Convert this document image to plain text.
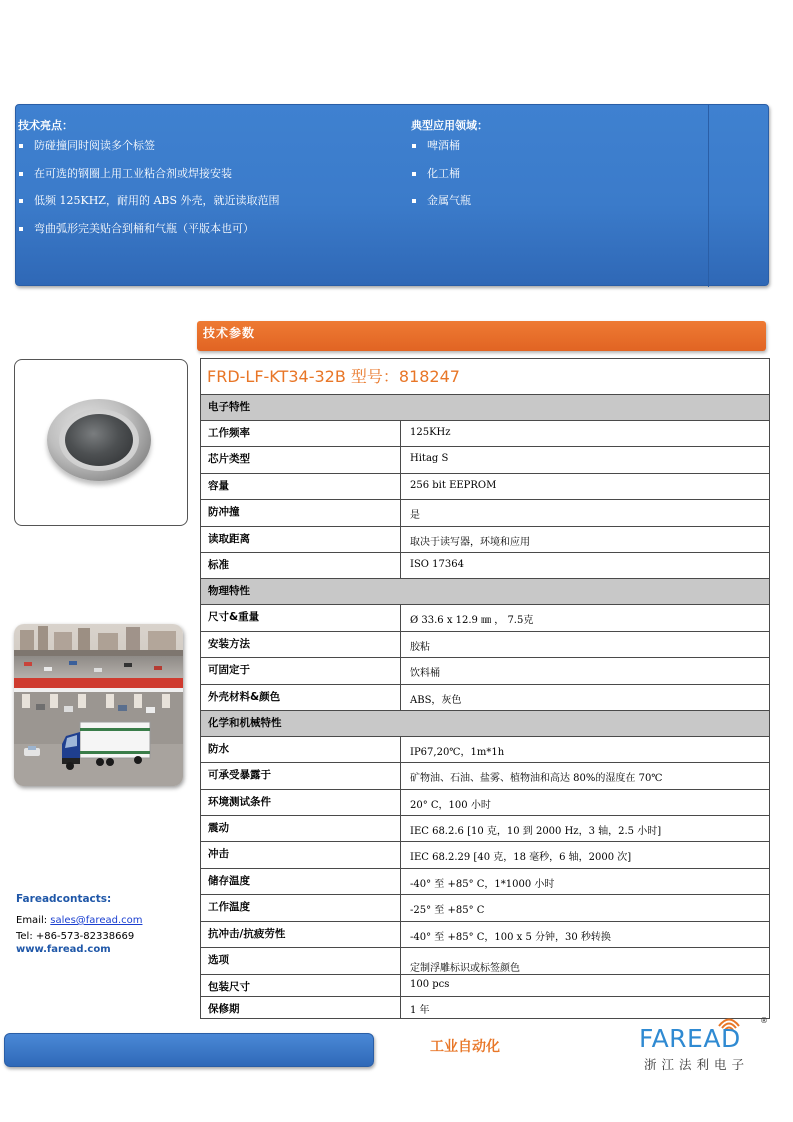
技术亮点：
防碰撞同时阅读多个标签
在可选的钢圈上用工业粘合剂或焊接安装
低频 125KHZ，耐用的 ABS 外壳，就近读取范围
弯曲弧形完美贴合到桶和气瓶（平版本也可）
典型应用领域：
啤酒桶
化工桶
金属气瓶
技术参数
FRD-LF-KT34-32B 型号：818247	
电子特性	
工作频率	125KHz
芯片类型	Hitag S
容量	256 bit EEPROM
防冲撞	是
读取距离	取决于读写器，环境和应用
标准	ISO 17364
物理特性	
尺寸&重量	Ø 33.6 x 12.9 ㎜ ， 7.5克
安装方法	胶粘
可固定于	饮料桶
外壳材料&颜色	ABS，灰色
化学和机械特性	
防水	IP67,20℃，1m*1h
可承受暴露于	矿物油、石油、盐雾、植物油和高达 80%的湿度在 70℃
环境测试条件	20° C，100 小时
震动	IEC 68.2.6 [10 克，10 到 2000 Hz，3 轴，2.5 小时]
冲击	IEC 68.2.29 [40 克，18 毫秒，6 轴，2000 次]
储存温度	-40° 至 +85° C，1*1000 小时
工作温度	-25° 至 +85° C
抗冲击/抗疲劳性	-40° 至 +85° C，100 x 5 分钟，30 秒转换
选项	定制浮雕标识或标签颜色
包装尺寸	100 pcs
保修期	1 年
Fareadcontacts:
Email: sales@faread.com
Tel: +86-573-82338669
www.faread.com
工业自动化	FAREAD
®
浙江法利电子
